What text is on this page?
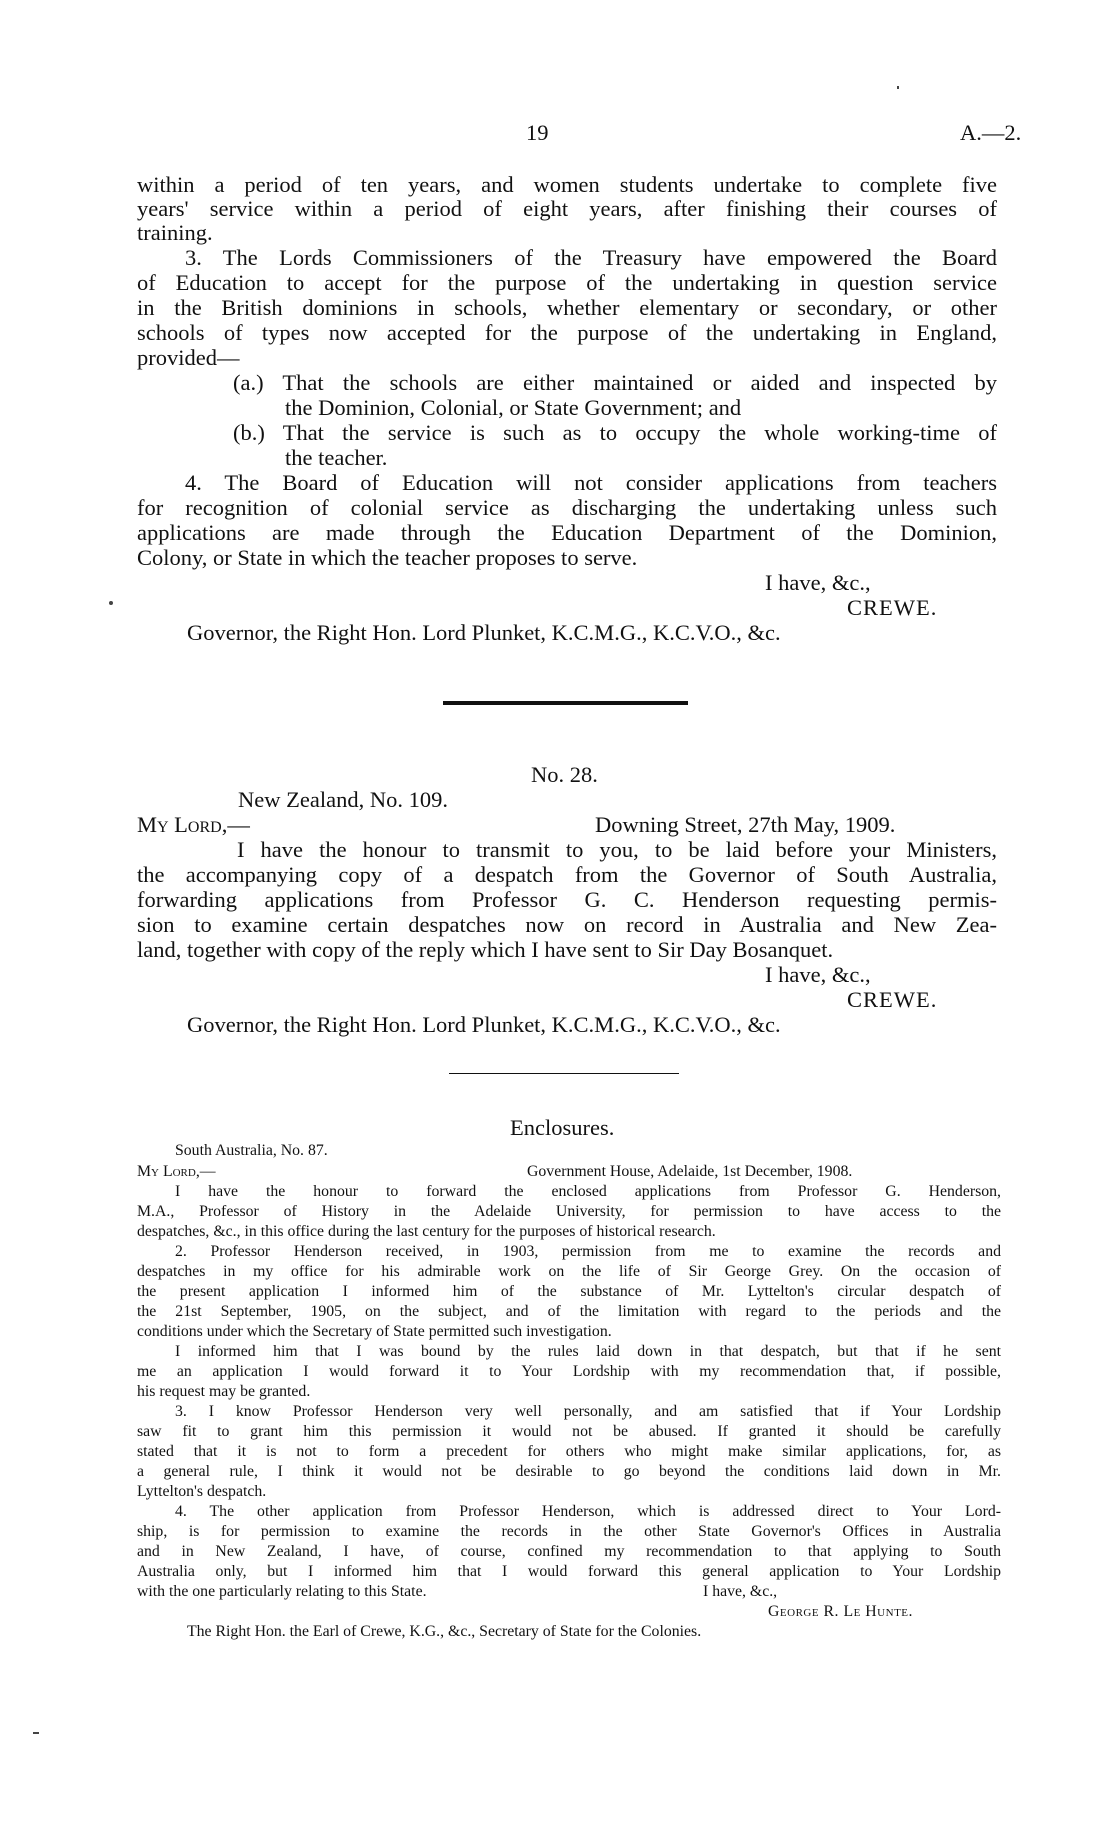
19	A.—2.
within a period of ten years, and women students undertake to complete five
years' service within a period of eight years, after finishing their courses of
training.
3. The Lords Commissioners of the Treasury have empowered the Board
of Education to accept for the purpose of the undertaking in question service
in the British dominions in schools, whether elementary or secondary, or other
schools of types now accepted for the purpose of the undertaking in England,
provided—
(a.) That the schools are either maintained or aided and inspected by
the Dominion, Colonial, or State Government; and
(b.) That the service is such as to occupy the whole working-time of
the teacher.
4. The Board of Education will not consider applications from teachers
for recognition of colonial service as discharging the undertaking unless such
applications are made through the Education Department of the Dominion,
Colony, or State in which the teacher proposes to serve.
I have, &c.,
CREWE.
Governor, the Right Hon. Lord Plunket, K.C.M.G., K.C.V.O., &c.
No. 28.
New Zealand, No. 109.
My Lord,—	Downing Street, 27th May, 1909.
I have the honour to transmit to you, to be laid before your Ministers,
the accompanying copy of a despatch from the Governor of South Australia,
forwarding applications from Professor G. C. Henderson requesting permis-
sion to examine certain despatches now on record in Australia and New Zea-
land, together with copy of the reply which I have sent to Sir Day Bosanquet.
I have, &c.,
CREWE.
Governor, the Right Hon. Lord Plunket, K.C.M.G., K.C.V.O., &c.
Enclosures.
South Australia, No. 87.
My Lord,—	Government House, Adelaide, 1st December, 1908.
I have the honour to forward the enclosed applications from Professor G. Henderson,
M.A., Professor of History in the Adelaide University, for permission to have access to the
despatches, &c., in this office during the last century for the purposes of historical research.
2. Professor Henderson received, in 1903, permission from me to examine the records and
despatches in my office for his admirable work on the life of Sir George Grey. On the occasion of
the present application I informed him of the substance of Mr. Lyttelton's circular despatch of
the 21st September, 1905, on the subject, and of the limitation with regard to the periods and the
conditions under which the Secretary of State permitted such investigation.
I informed him that I was bound by the rules laid down in that despatch, but that if he sent
me an application I would forward it to Your Lordship with my recommendation that, if possible,
his request may be granted.
3. I know Professor Henderson very well personally, and am satisfied that if Your Lordship
saw fit to grant him this permission it would not be abused. If granted it should be carefully
stated that it is not to form a precedent for others who might make similar applications, for, as
a general rule, I think it would not be desirable to go beyond the conditions laid down in Mr.
Lyttelton's despatch.
4. The other application from Professor Henderson, which is addressed direct to Your Lord-
ship, is for permission to examine the records in the other State Governor's Offices in Australia
and in New Zealand, I have, of course, confined my recommendation to that applying to South
Australia only, but I informed him that I would forward this general application to Your Lordship
with the one particularly relating to this State.	I have, &c.,
George R. Le Hunte.
The Right Hon. the Earl of Crewe, K.G., &c., Secretary of State for the Colonies.
